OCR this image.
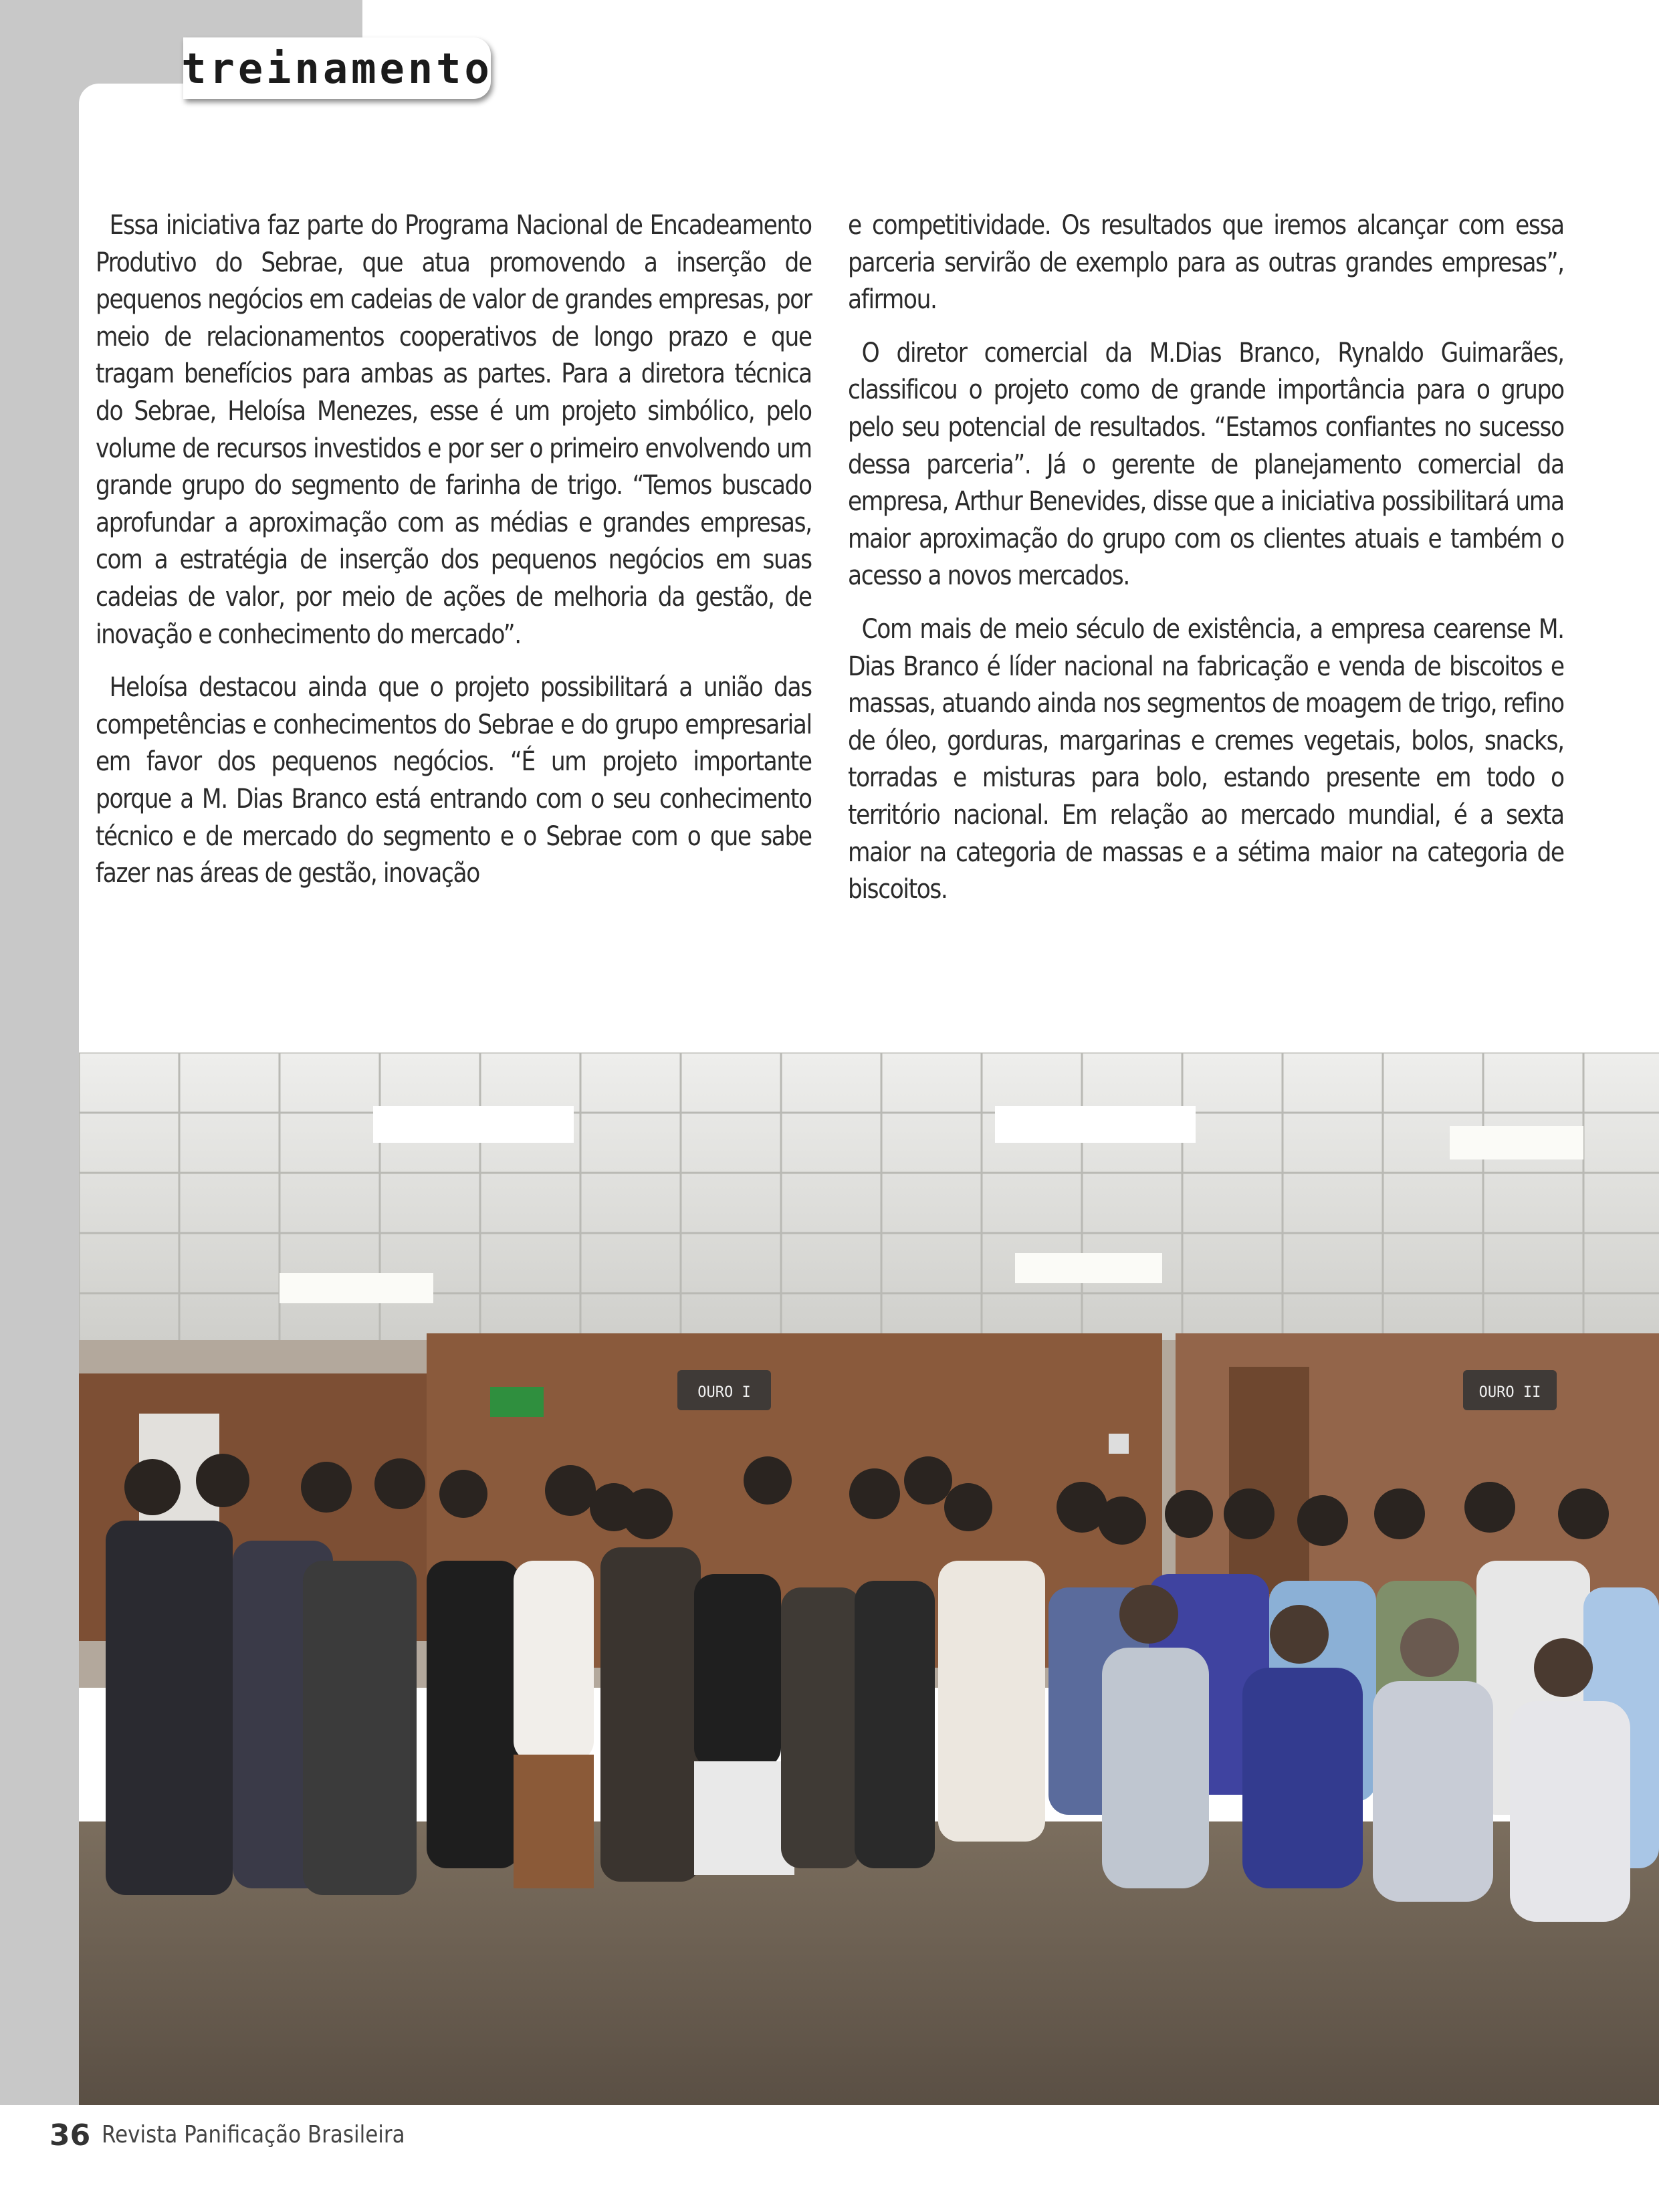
treinamento

Essa iniciativa faz parte do Programa Nacional de Encadeamento Produtivo do Sebrae, que atua promovendo a inserção de pequenos negócios em cadeias de valor de grandes empresas, por meio de relacionamentos cooperativos de longo prazo e que tragam benefícios para ambas as partes. Para a diretora técnica do Sebrae, Heloísa Menezes, esse é um projeto simbólico, pelo volume de recursos investidos e por ser o primeiro envolvendo um grande grupo do segmento de farinha de trigo. “Temos buscado aprofundar a aproximação com as médias e grandes empresas, com a estratégia de inserção dos pequenos negócios em suas cadeias de valor, por meio de ações de melhoria da gestão, de inovação e conhecimento do mercado”.

Heloísa destacou ainda que o projeto possibilitará a união das competências e conhecimentos do Sebrae e do grupo empresarial em favor dos pequenos negócios. “É um projeto importante porque a M. Dias Branco está entrando com o seu conhecimento técnico e de mercado do segmento e o Sebrae com o que sabe fazer nas áreas de gestão, inovação

e competitividade. Os resultados que iremos alcançar com essa parceria servirão de exemplo para as outras grandes empresas”, afirmou.

O diretor comercial da M.Dias Branco, Rynaldo Guimarães, classificou o projeto como de grande importância para o grupo pelo seu potencial de resultados. “Estamos confiantes no sucesso dessa parceria”. Já o gerente de planejamento comercial da empresa, Arthur Benevides, disse que a iniciativa possibilitará uma maior aproximação do grupo com os clientes atuais e também o acesso a novos mercados.

Com mais de meio século de existência, a empresa cearense M. Dias Branco é líder nacional na fabricação e venda de biscoitos e massas, atuando ainda nos segmentos de moagem de trigo, refino de óleo, gorduras, margarinas e cremes vegetais, bolos, snacks, torradas e misturas para bolo, estando presente em todo o território nacional. Em relação ao mercado mundial, é a sexta maior na categoria de massas e a sétima maior na categoria de biscoitos.

OURO I	OURO II
36 Revista Panificação Brasileira
